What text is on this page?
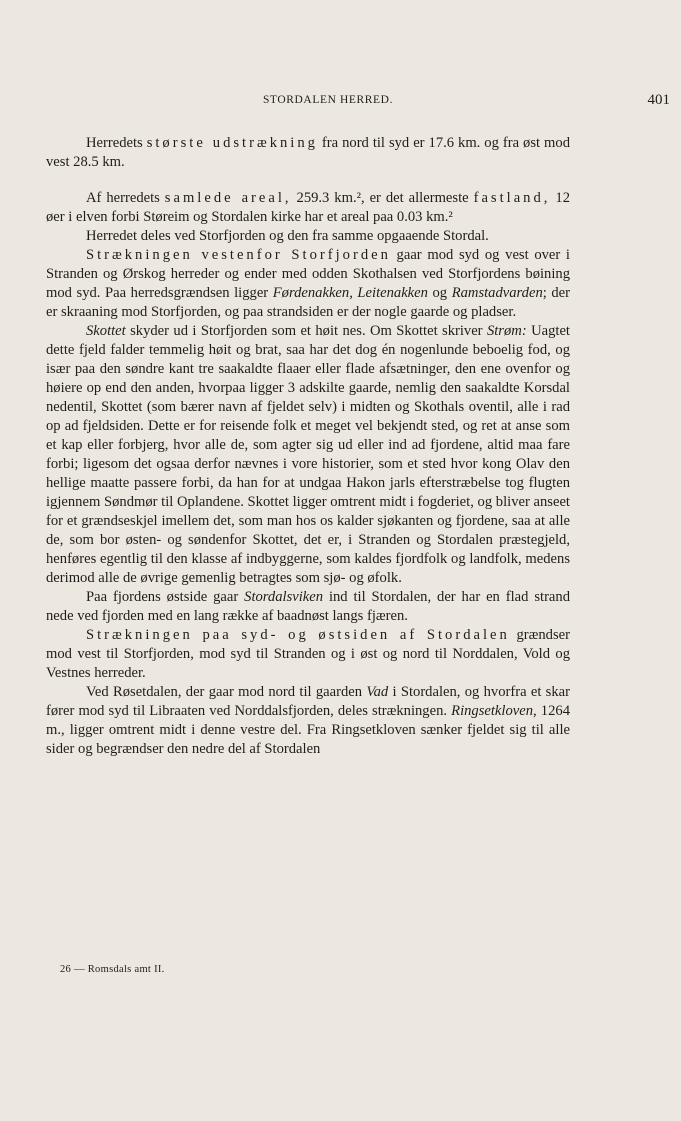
STORDALEN HERRED.	401

Herredets største udstrækning fra nord til syd er 17.6 km. og fra øst mod vest 28.5 km.

Af herredets samlede areal, 259.3 km.², er det allermeste fastland, 12 øer i elven forbi Støreim og Stordalen kirke har et areal paa 0.03 km.²

Herredet deles ved Storfjorden og den fra samme opgaaende Stordal.

Strækningen vestenfor Storfjorden gaar mod syd og vest over i Stranden og Ørskog herreder og ender med odden Skothalsen ved Storfjordens bøining mod syd. Paa herredsgrændsen ligger Førdenakken, Leitenakken og Ramstadvarden; der er skraaning mod Storfjorden, og paa strandsiden er der nogle gaarde og pladser.

Skottet skyder ud i Storfjorden som et høit nes. Om Skottet skriver Strøm: Uagtet dette fjeld falder temmelig høit og brat, saa har det dog én nogenlunde beboelig fod, og især paa den søndre kant tre saakaldte flaaer eller flade afsætninger, den ene ovenfor og høiere op end den anden, hvorpaa ligger 3 adskilte gaarde, nemlig den saakaldte Korsdal nedentil, Skottet (som bærer navn af fjeldet selv) i midten og Skothals oventil, alle i rad op ad fjeldsiden. Dette er for reisende folk et meget vel bekjendt sted, og ret at anse som et kap eller forbjerg, hvor alle de, som agter sig ud eller ind ad fjordene, altid maa fare forbi; ligesom det ogsaa derfor nævnes i vore historier, som et sted hvor kong Olav den hellige maatte passere forbi, da han for at undgaa Hakon jarls efterstræbelse tog flugten igjennem Søndmør til Oplandene. Skottet ligger omtrent midt i fogderiet, og bliver anseet for et grændseskjel imellem det, som man hos os kalder sjøkanten og fjordene, saa at alle de, som bor østen- og søndenfor Skottet, det er, i Stranden og Stordalen præstegjeld, henføres egentlig til den klasse af indbyggerne, som kaldes fjordfolk og landfolk, medens derimod alle de øvrige gemenlig betragtes som sjø- og øfolk.

Paa fjordens østside gaar Stordalsviken ind til Stordalen, der har en flad strand nede ved fjorden med en lang række af baadnøst langs fjæren.

Strækningen paa syd- og østsiden af Stordalen grændser mod vest til Storfjorden, mod syd til Stranden og i øst og nord til Norddalen, Vold og Vestnes herreder.

Ved Røsetdalen, der gaar mod nord til gaarden Vad i Stordalen, og hvorfra et skar fører mod syd til Libraaten ved Norddalsfjorden, deles strækningen. Ringsetkloven, 1264 m., ligger omtrent midt i denne vestre del. Fra Ringsetkloven sænker fjeldet sig til alle sider og begrændser den nedre del af Stordalen

26 — Romsdals amt II.
